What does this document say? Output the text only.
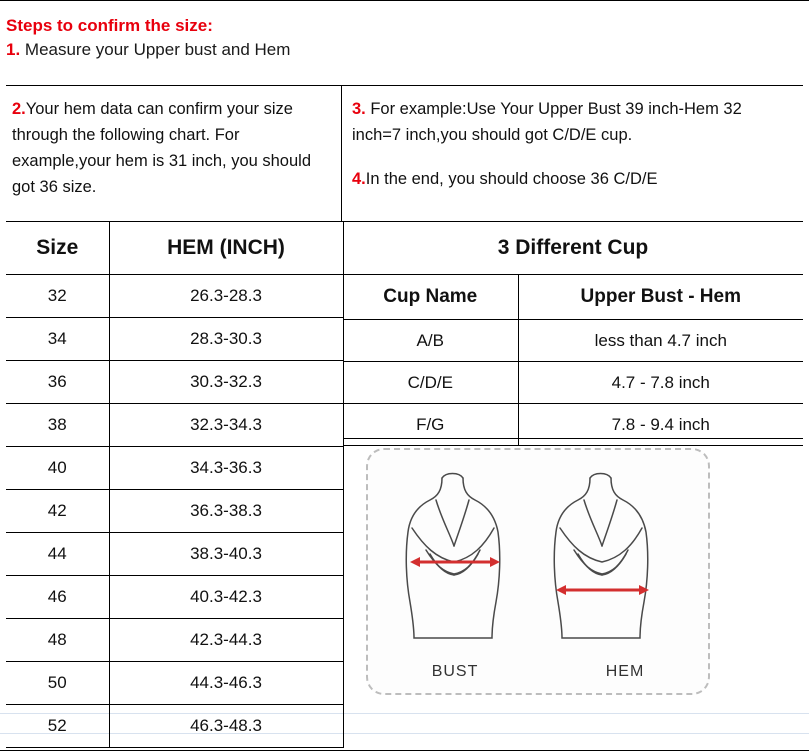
Steps to confirm the size:
1. Measure your Upper bust and Hem
2.Your hem data can confirm your size through the following chart. For example,your hem is 31 inch, you should got 36 size.

3. For example:Use Your Upper Bust 39 inch-Hem 32 inch=7 inch,you should got C/D/E cup.

4.In the end, you should choose 36 C/D/E

Size	HEM (INCH)
32	26.3-28.3
34	28.3-30.3
36	30.3-32.3
38	32.3-34.3
40	34.3-36.3
42	36.3-38.3
44	38.3-40.3
46	40.3-42.3
48	42.3-44.3
50	44.3-46.3
52	46.3-48.3
3 Different Cup	
Cup Name	Upper Bust - Hem
A/B	less than 4.7 inch
C/D/E	4.7 - 7.8 inch
F/G	7.8 - 9.4 inch
BUST	HEM
